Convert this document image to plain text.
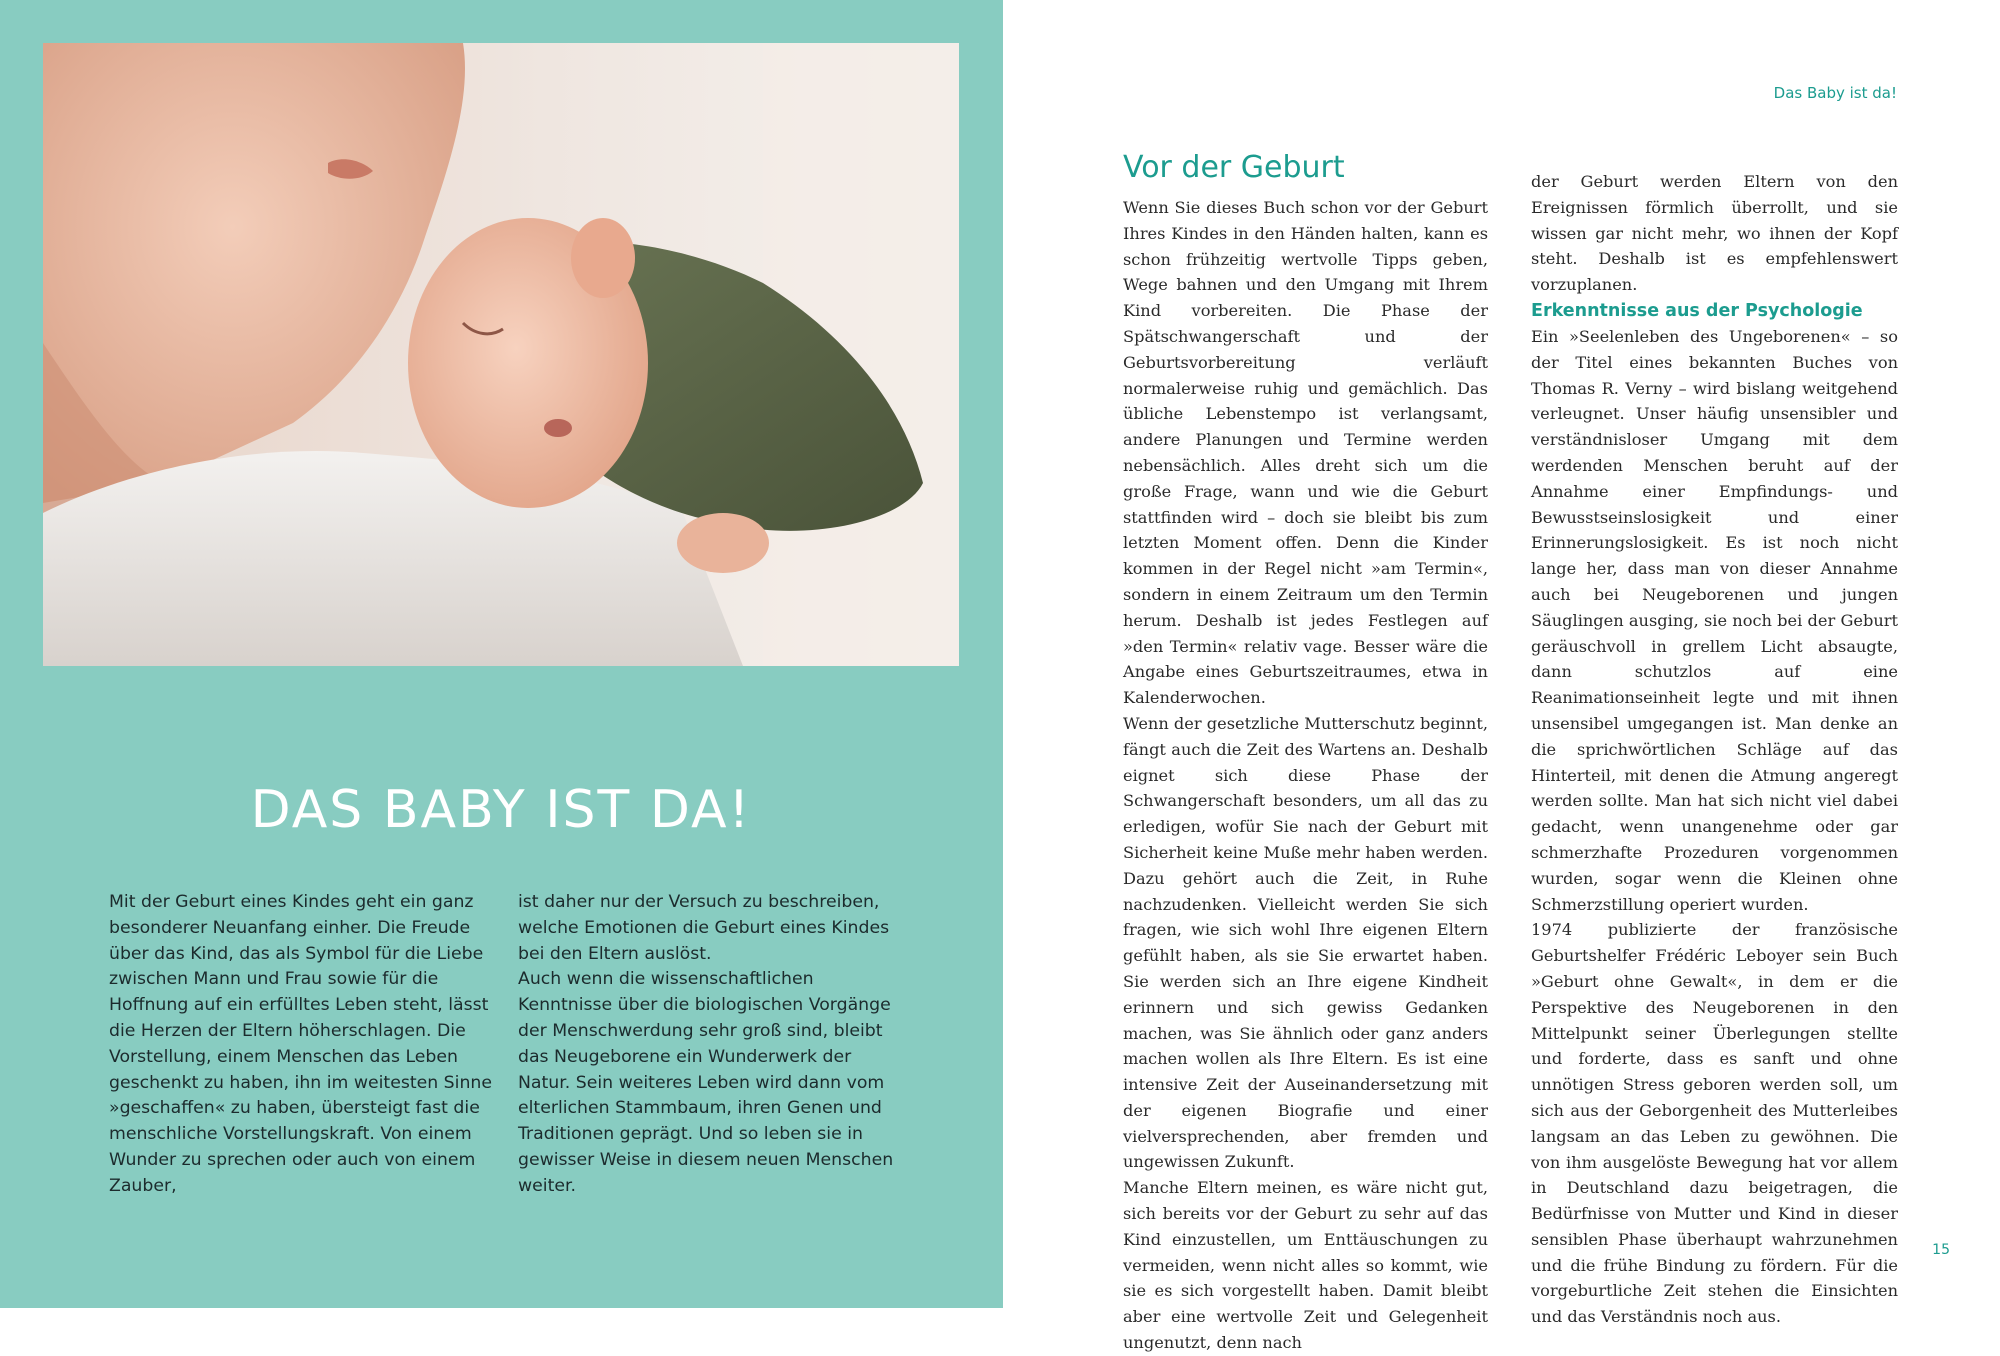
DAS BABY IST DA!

Mit der Geburt eines Kindes geht ein ganz besonderer Neuanfang einher. Die Freude über das Kind, das als Symbol für die Liebe zwischen Mann und Frau sowie für die Hoffnung auf ein erfülltes Leben steht, lässt die Herzen der Eltern höherschlagen. Die Vorstellung, einem Menschen das Leben geschenkt zu haben, ihn im weitesten Sinne »geschaffen« zu haben, übersteigt fast die menschliche Vorstellungskraft. Von einem Wunder zu sprechen oder auch von einem Zauber,

ist daher nur der Versuch zu beschreiben, welche Emotionen die Geburt eines Kindes bei den Eltern auslöst.

Auch wenn die wissenschaftlichen Kenntnisse über die biologischen Vorgänge der Menschwerdung sehr groß sind, bleibt das Neugeborene ein Wunderwerk der Natur. Sein weiteres Leben wird dann vom elterlichen Stammbaum, ihren Genen und Traditionen geprägt. Und so leben sie in gewisser Weise in diesem neuen Menschen weiter.

Das Baby ist da!
Vor der Geburt

Wenn Sie dieses Buch schon vor der Geburt Ihres Kindes in den Händen halten, kann es schon frühzeitig wertvolle Tipps geben, Wege bahnen und den Umgang mit Ihrem Kind vorbereiten. Die Phase der Spätschwangerschaft und der Geburtsvorbereitung verläuft normalerweise ruhig und gemächlich. Das übliche Lebenstempo ist verlangsamt, andere Planungen und Termine werden nebensächlich. Alles dreht sich um die große Frage, wann und wie die Geburt stattfinden wird – doch sie bleibt bis zum letzten Moment offen. Denn die Kinder kommen in der Regel nicht »am Termin«, sondern in einem Zeitraum um den Termin herum. Deshalb ist jedes Festlegen auf »den Termin« relativ vage. Besser wäre die Angabe eines Geburtszeitraumes, etwa in Kalenderwochen.

Wenn der gesetzliche Mutterschutz beginnt, fängt auch die Zeit des Wartens an. Deshalb eignet sich diese Phase der Schwangerschaft besonders, um all das zu erledigen, wofür Sie nach der Geburt mit Sicherheit keine Muße mehr haben werden. Dazu gehört auch die Zeit, in Ruhe nachzudenken. Vielleicht werden Sie sich fragen, wie sich wohl Ihre eigenen Eltern gefühlt haben, als sie Sie erwartet haben. Sie werden sich an Ihre eigene Kindheit erinnern und sich gewiss Gedanken machen, was Sie ähnlich oder ganz anders machen wollen als Ihre Eltern. Es ist eine intensive Zeit der Auseinandersetzung mit der eigenen Biografie und einer vielversprechenden, aber fremden und ungewissen Zukunft.

Manche Eltern meinen, es wäre nicht gut, sich bereits vor der Geburt zu sehr auf das Kind einzustellen, um Enttäuschungen zu vermeiden, wenn nicht alles so kommt, wie sie es sich vorgestellt haben. Damit bleibt aber eine wertvolle Zeit und Gelegenheit ungenutzt, denn nach

der Geburt werden Eltern von den Ereignissen förmlich überrollt, und sie wissen gar nicht mehr, wo ihnen der Kopf steht. Deshalb ist es empfehlenswert vorzuplanen.

Erkenntnisse aus der Psychologie

Ein »Seelenleben des Ungeborenen« – so der Titel eines bekannten Buches von Thomas R. Verny – wird bislang weitgehend verleugnet. Unser häufig unsensibler und verständnisloser Umgang mit dem werdenden Menschen beruht auf der Annahme einer Empfindungs- und Bewusstseinslosigkeit und einer Erinnerungslosigkeit. Es ist noch nicht lange her, dass man von dieser Annahme auch bei Neugeborenen und jungen Säuglingen ausging, sie noch bei der Geburt geräuschvoll in grellem Licht absaugte, dann schutzlos auf eine Reanimationseinheit legte und mit ihnen unsensibel umgegangen ist. Man denke an die sprichwörtlichen Schläge auf das Hinterteil, mit denen die Atmung angeregt werden sollte. Man hat sich nicht viel dabei gedacht, wenn unangenehme oder gar schmerzhafte Prozeduren vorgenommen wurden, sogar wenn die Kleinen ohne Schmerzstillung operiert wurden.

1974 publizierte der französische Geburtshelfer Frédéric Leboyer sein Buch »Geburt ohne Gewalt«, in dem er die Perspektive des Neugeborenen in den Mittelpunkt seiner Überlegungen stellte und forderte, dass es sanft und ohne unnötigen Stress geboren werden soll, um sich aus der Geborgenheit des Mutterleibes langsam an das Leben zu gewöhnen. Die von ihm ausgelöste Bewegung hat vor allem in Deutschland dazu beigetragen, die Bedürfnisse von Mutter und Kind in dieser sensiblen Phase überhaupt wahrzunehmen und die frühe Bindung zu fördern. Für die vorgeburtliche Zeit stehen die Einsichten und das Verständnis noch aus.

15
